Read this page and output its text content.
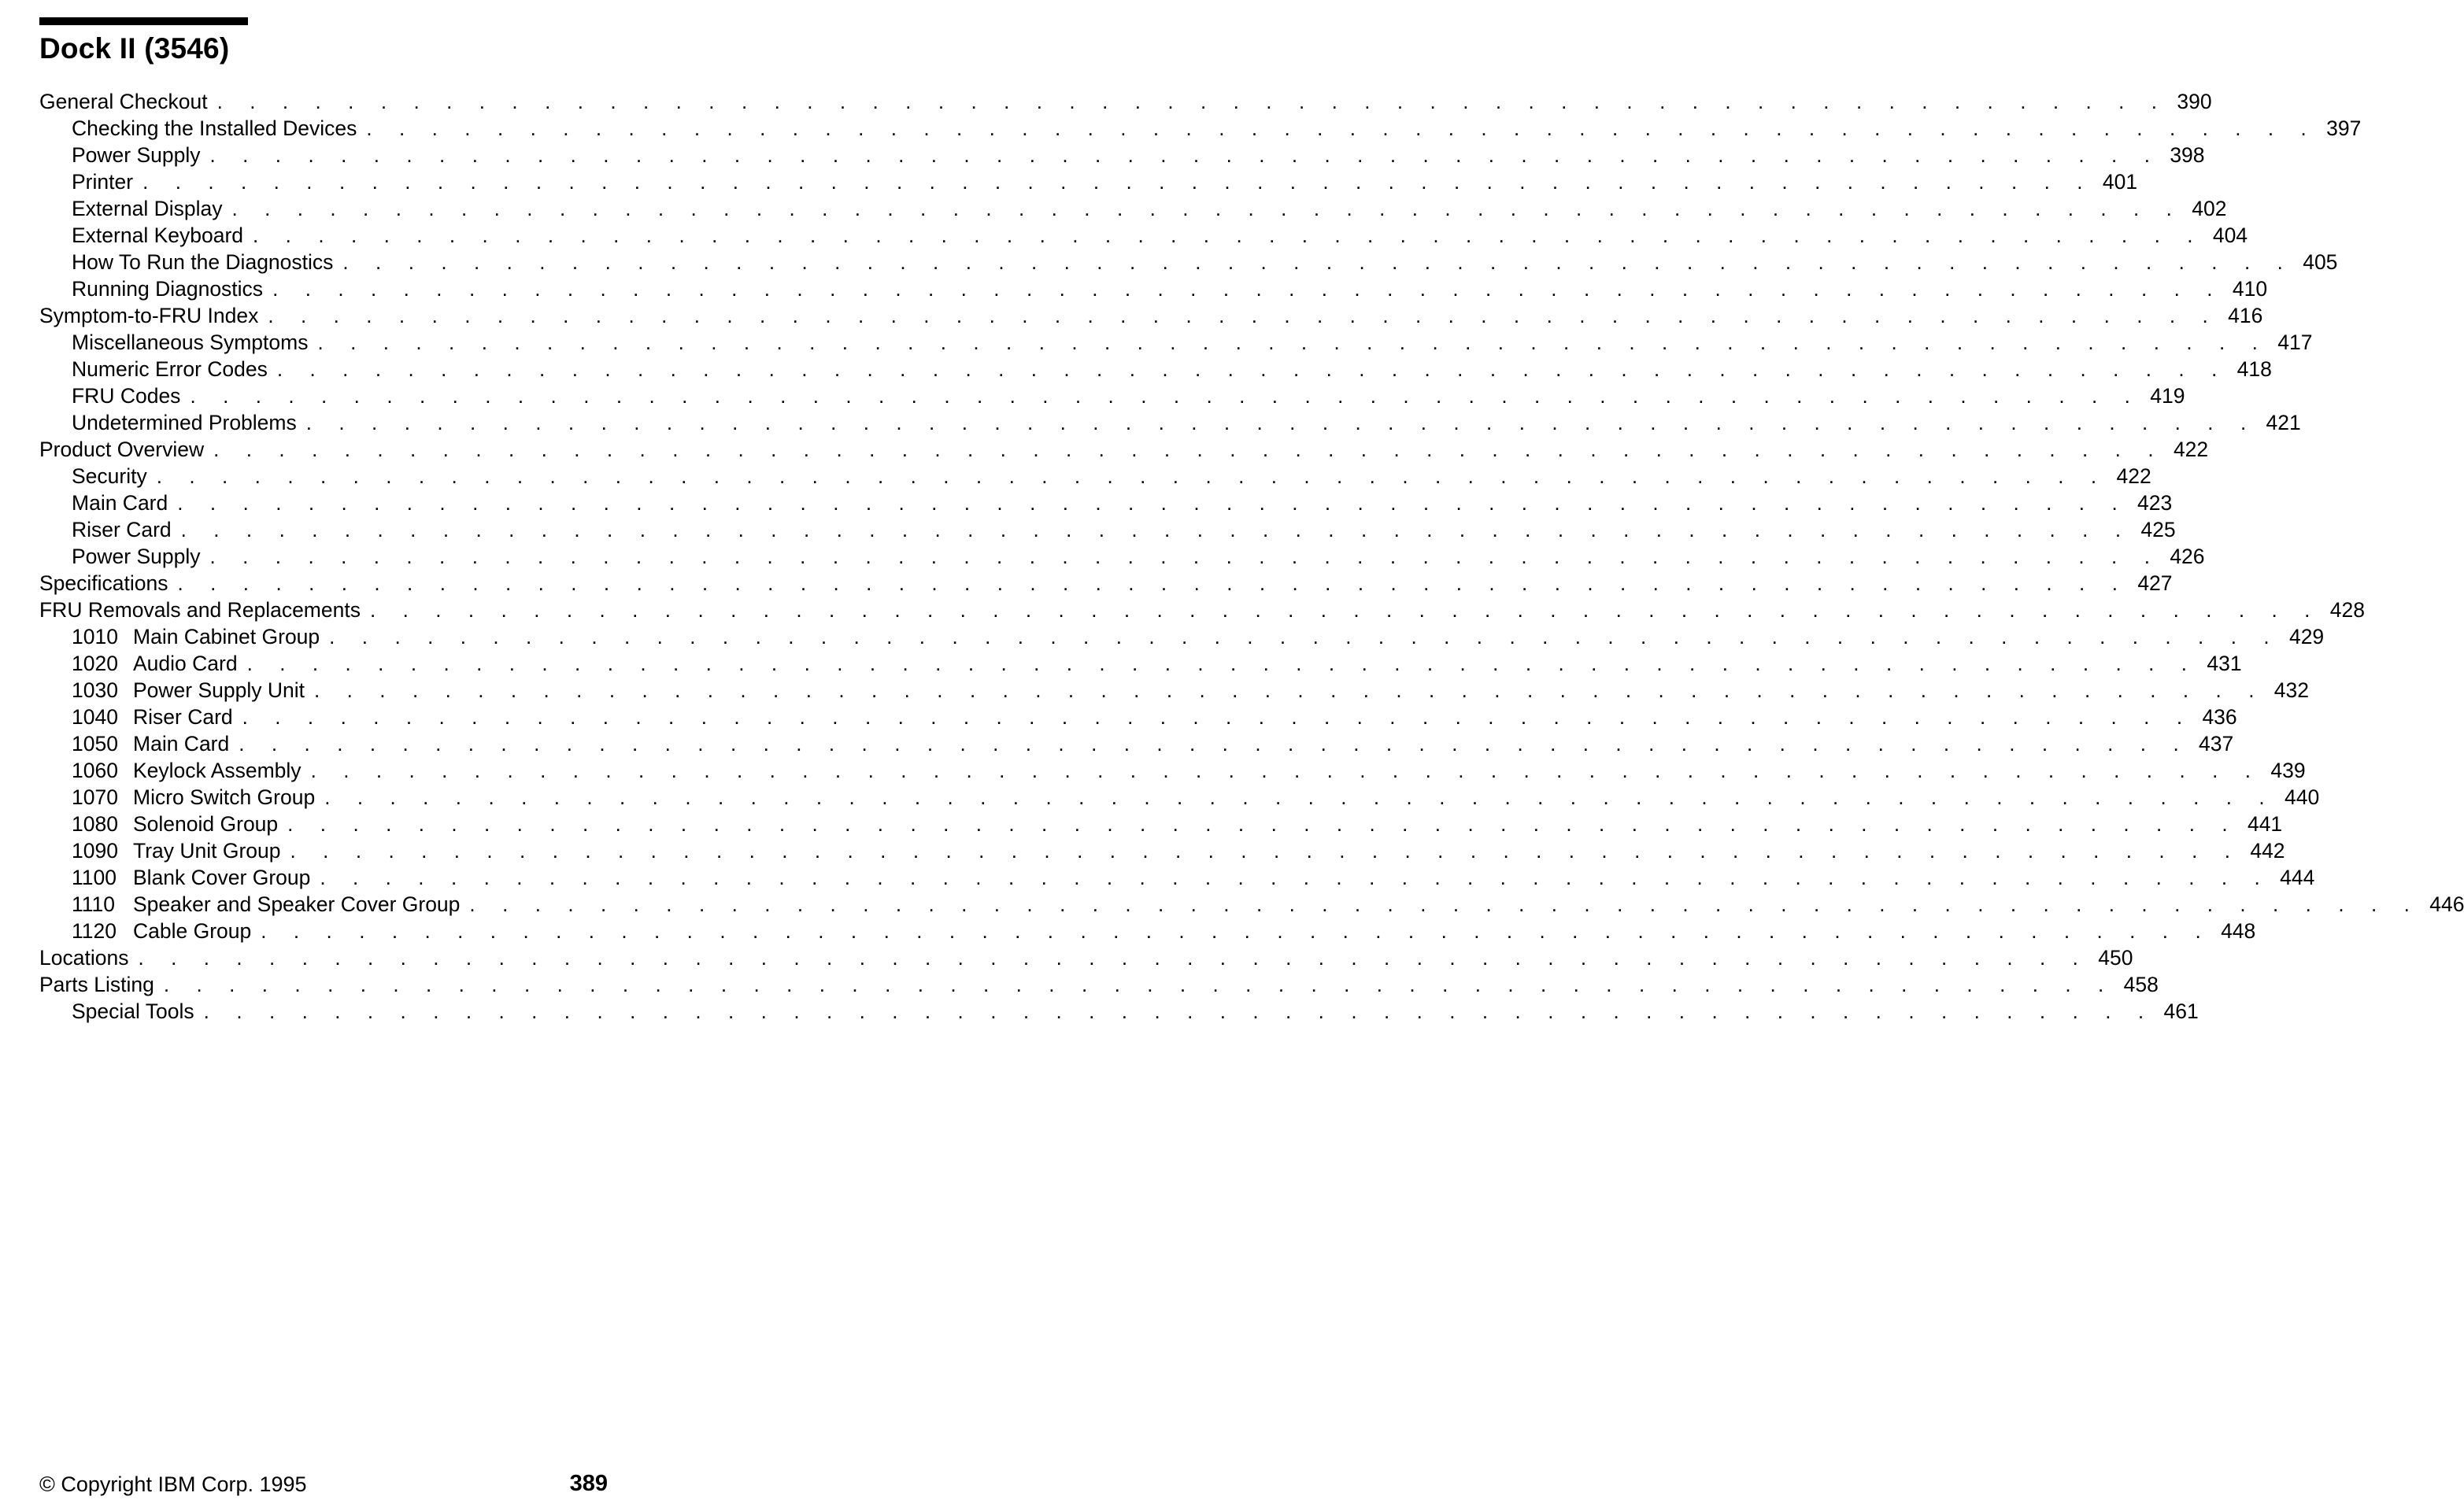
Dock II (3546)
General Checkout . . . . . . . . . . . . . . . . . . . . . . . . . . . . . . . . . . . . . . . . . . . . . . . . . . . . . . . . . . . . 390
Checking the Installed Devices . . . . . . . . . . . . . . . . . . . . . . . . . . . . . . . . . . . . . . . . . . . . . . . . . . . . . . . . . . . . 397
Power Supply . . . . . . . . . . . . . . . . . . . . . . . . . . . . . . . . . . . . . . . . . . . . . . . . . . . . . . . . . . . . 398
Printer . . . . . . . . . . . . . . . . . . . . . . . . . . . . . . . . . . . . . . . . . . . . . . . . . . . . . . . . . . . . 401
External Display . . . . . . . . . . . . . . . . . . . . . . . . . . . . . . . . . . . . . . . . . . . . . . . . . . . . . . . . . . . . 402
External Keyboard . . . . . . . . . . . . . . . . . . . . . . . . . . . . . . . . . . . . . . . . . . . . . . . . . . . . . . . . . . . . 404
How To Run the Diagnostics . . . . . . . . . . . . . . . . . . . . . . . . . . . . . . . . . . . . . . . . . . . . . . . . . . . . . . . . . . . . 405
Running Diagnostics . . . . . . . . . . . . . . . . . . . . . . . . . . . . . . . . . . . . . . . . . . . . . . . . . . . . . . . . . . . . 410
Symptom-to-FRU Index . . . . . . . . . . . . . . . . . . . . . . . . . . . . . . . . . . . . . . . . . . . . . . . . . . . . . . . . . . . . 416
Miscellaneous Symptoms . . . . . . . . . . . . . . . . . . . . . . . . . . . . . . . . . . . . . . . . . . . . . . . . . . . . . . . . . . . . 417
Numeric Error Codes . . . . . . . . . . . . . . . . . . . . . . . . . . . . . . . . . . . . . . . . . . . . . . . . . . . . . . . . . . . . 418
FRU Codes . . . . . . . . . . . . . . . . . . . . . . . . . . . . . . . . . . . . . . . . . . . . . . . . . . . . . . . . . . . . 419
Undetermined Problems . . . . . . . . . . . . . . . . . . . . . . . . . . . . . . . . . . . . . . . . . . . . . . . . . . . . . . . . . . . . 421
Product Overview . . . . . . . . . . . . . . . . . . . . . . . . . . . . . . . . . . . . . . . . . . . . . . . . . . . . . . . . . . . . 422
Security . . . . . . . . . . . . . . . . . . . . . . . . . . . . . . . . . . . . . . . . . . . . . . . . . . . . . . . . . . . . 422
Main Card . . . . . . . . . . . . . . . . . . . . . . . . . . . . . . . . . . . . . . . . . . . . . . . . . . . . . . . . . . . . 423
Riser Card . . . . . . . . . . . . . . . . . . . . . . . . . . . . . . . . . . . . . . . . . . . . . . . . . . . . . . . . . . . . 425
Power Supply . . . . . . . . . . . . . . . . . . . . . . . . . . . . . . . . . . . . . . . . . . . . . . . . . . . . . . . . . . . . 426
Specifications . . . . . . . . . . . . . . . . . . . . . . . . . . . . . . . . . . . . . . . . . . . . . . . . . . . . . . . . . . . . 427
FRU Removals and Replacements . . . . . . . . . . . . . . . . . . . . . . . . . . . . . . . . . . . . . . . . . . . . . . . . . . . . . . . . . . . . 428
1010 Main Cabinet Group . . . . . . . . . . . . . . . . . . . . . . . . . . . . . . . . . . . . . . . . . . . . . . . . . . . . . . . . . . . . 429
1020 Audio Card . . . . . . . . . . . . . . . . . . . . . . . . . . . . . . . . . . . . . . . . . . . . . . . . . . . . . . . . . . . . 431
1030 Power Supply Unit . . . . . . . . . . . . . . . . . . . . . . . . . . . . . . . . . . . . . . . . . . . . . . . . . . . . . . . . . . . . 432
1040 Riser Card . . . . . . . . . . . . . . . . . . . . . . . . . . . . . . . . . . . . . . . . . . . . . . . . . . . . . . . . . . . . 436
1050 Main Card . . . . . . . . . . . . . . . . . . . . . . . . . . . . . . . . . . . . . . . . . . . . . . . . . . . . . . . . . . . . 437
1060 Keylock Assembly . . . . . . . . . . . . . . . . . . . . . . . . . . . . . . . . . . . . . . . . . . . . . . . . . . . . . . . . . . . . 439
1070 Micro Switch Group . . . . . . . . . . . . . . . . . . . . . . . . . . . . . . . . . . . . . . . . . . . . . . . . . . . . . . . . . . . . 440
1080 Solenoid Group . . . . . . . . . . . . . . . . . . . . . . . . . . . . . . . . . . . . . . . . . . . . . . . . . . . . . . . . . . . . 441
1090 Tray Unit Group . . . . . . . . . . . . . . . . . . . . . . . . . . . . . . . . . . . . . . . . . . . . . . . . . . . . . . . . . . . . 442
1100 Blank Cover Group . . . . . . . . . . . . . . . . . . . . . . . . . . . . . . . . . . . . . . . . . . . . . . . . . . . . . . . . . . . . 444
1110 Speaker and Speaker Cover Group . . . . . . . . . . . . . . . . . . . . . . . . . . . . . . . . . . . . . . . . . . . . . . . . . . . . . . . . . . . . 446
1120 Cable Group . . . . . . . . . . . . . . . . . . . . . . . . . . . . . . . . . . . . . . . . . . . . . . . . . . . . . . . . . . . . 448
Locations . . . . . . . . . . . . . . . . . . . . . . . . . . . . . . . . . . . . . . . . . . . . . . . . . . . . . . . . . . . . 450
Parts Listing . . . . . . . . . . . . . . . . . . . . . . . . . . . . . . . . . . . . . . . . . . . . . . . . . . . . . . . . . . . . 458
Special Tools . . . . . . . . . . . . . . . . . . . . . . . . . . . . . . . . . . . . . . . . . . . . . . . . . . . . . . . . . . . . 461
© Copyright IBM Corp. 1995	389
